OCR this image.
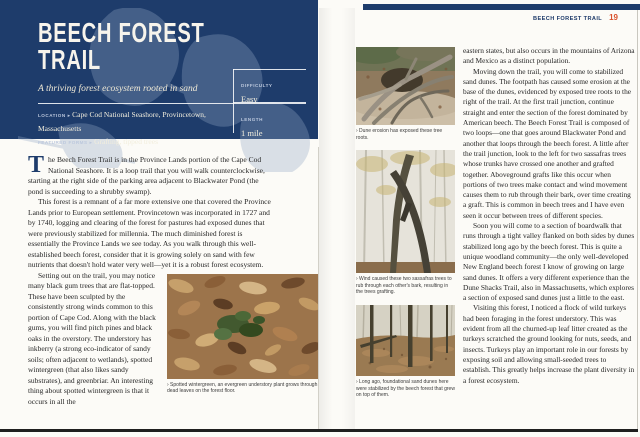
BEECH FOREST
TRAIL
A thriving forest ecosystem rooted in sand

LOCATION ▸ Cape Cod National Seashore, Provincetown, Massachusetts

FEATURED FORMS ▸ Grafting, tipped trees

DIFFICULTY
Easy
LENGTH
1 mile

The Beech Forest Trail is in the Province Lands portion of the Cape Cod National Seashore. It is a loop trail that you will walk counterclockwise, starting at the right side of the parking area adjacent to Blackwater Pond (the pond is succeeding to a shrubby swamp).

This forest is a remnant of a far more extensive one that covered the Province Lands prior to European settlement. Provincetown was incorporated in 1727 and by 1740, logging and clearing of the forest for pastures had exposed dunes that were previously stabilized for millennia. The much diminished forest is essentially the Province Lands we see today. As you walk through this well-established beech forest, consider that it is growing solely on sand with few nutrients that doesn't hold water very well—yet it is a robust forest ecosystem.

› Spotted wintergreen, an evergreen understory plant grows through dead leaves on the forest floor.

Setting out on the trail, you may notice many black gum trees that are flat-topped. These have been sculpted by the consistently strong winds common to this portion of Cape Cod. Along with the black gums, you will find pitch pines and black oaks in the overstory. The understory has inkberry (a strong eco-indicator of sandy soils; often adjacent to wetlands), spotted wintergreen (that also likes sandy substrates), and greenbriar. An interesting thing about spotted wintergreen is that it occurs in all the

BEECH FOREST TRAIL 19
› Dune erosion has exposed these tree roots.
› Wind caused these two sassafras trees to rub through each other's bark, resulting in the trees grafting.
› Long ago, foundational sand dunes here were stabilized by the beech forest that grew on top of them.

eastern states, but also occurs in the mountains of Arizona and Mexico as a distinct population.

Moving down the trail, you will come to stabilized sand dunes. The footpath has caused some erosion at the base of the dunes, evidenced by exposed tree roots to the right of the trail. At the first trail junction, continue straight and enter the section of the forest dominated by American beech. The Beech Forest Trail is composed of two loops—one that goes around Blackwater Pond and another that loops through the beech forest. A little after the trail junction, look to the left for two sassafras trees whose trunks have crossed one another and grafted together. Aboveground grafts like this occur when portions of two trees make contact and wind movement causes them to rub through their bark, over time creating a graft. This is common in beech trees and I have even seen it occur between trees of different species.

Soon you will come to a section of boardwalk that runs through a tight valley flanked on both sides by dunes stabilized long ago by the beech forest. This is quite a unique woodland community—the only well-developed New England beech forest I know of growing on large sand dunes. It offers a very different experience than the Dune Shacks Trail, also in Massachusetts, which explores a section of exposed sand dunes just a little to the east.

Visiting this forest, I noticed a flock of wild turkeys had been foraging in the forest understory. This was evident from all the churned-up leaf litter created as the turkeys scratched the ground looking for nuts, seeds, and insects. Turkeys play an important role in our forests by exposing soil and allowing small-seeded trees to establish. This greatly helps increase the plant diversity in a forest ecosystem.
